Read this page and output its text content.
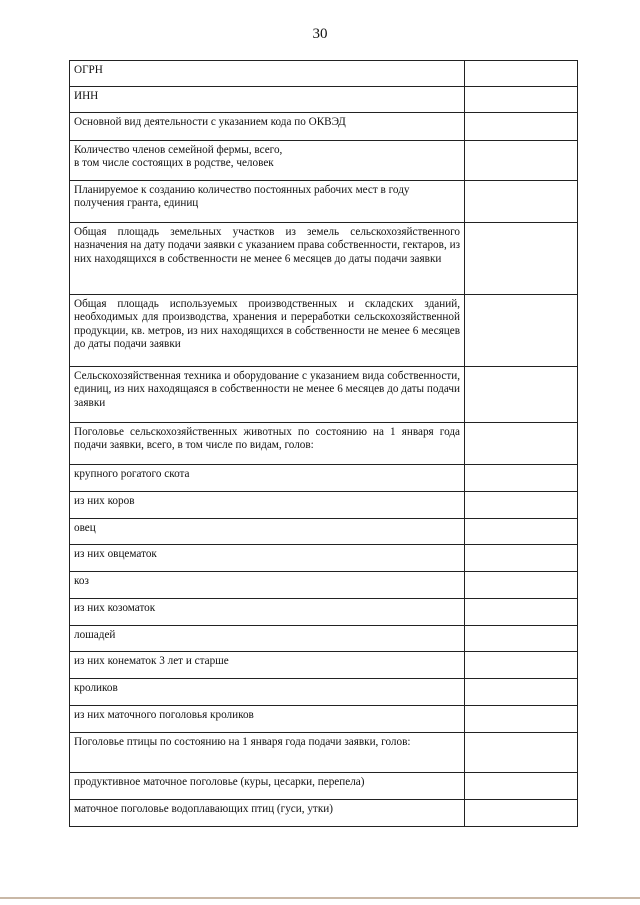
30
ОГРН	
ИНН	
Основной вид деятельности с указанием кода по ОКВЭД	
Количество членов семейной фермы, всего,
в том числе состоящих в родстве, человек	
Планируемое к созданию количество постоянных рабочих мест в году получения гранта, единиц	
Общая площадь земельных участков из земель сельскохозяйственного назначения на дату подачи заявки с указанием права собственности, гектаров, из них находящихся в собственности не менее 6 месяцев до даты подачи заявки	
Общая площадь используемых производственных и складских зданий, необходимых для производства, хранения и переработки сельскохозяйственной продукции, кв. метров, из них находящихся в собственности не менее 6 месяцев до даты подачи заявки	
Сельскохозяйственная техника и оборудование с указанием вида собственности, единиц, из них находящаяся в собственности не менее 6 месяцев до даты подачи заявки	
Поголовье сельскохозяйственных животных по состоянию на 1 января года подачи заявки, всего, в том числе по видам, голов:	
крупного рогатого скота	
из них коров	
овец	
из них овцематок	
коз	
из них козоматок	
лошадей	
из них конематок 3 лет и старше	
кроликов	
из них маточного поголовья кроликов	
Поголовье птицы по состоянию на 1 января года подачи заявки, голов:	
продуктивное маточное поголовье (куры, цесарки, перепела)	
маточное поголовье водоплавающих птиц (гуси, утки)	
